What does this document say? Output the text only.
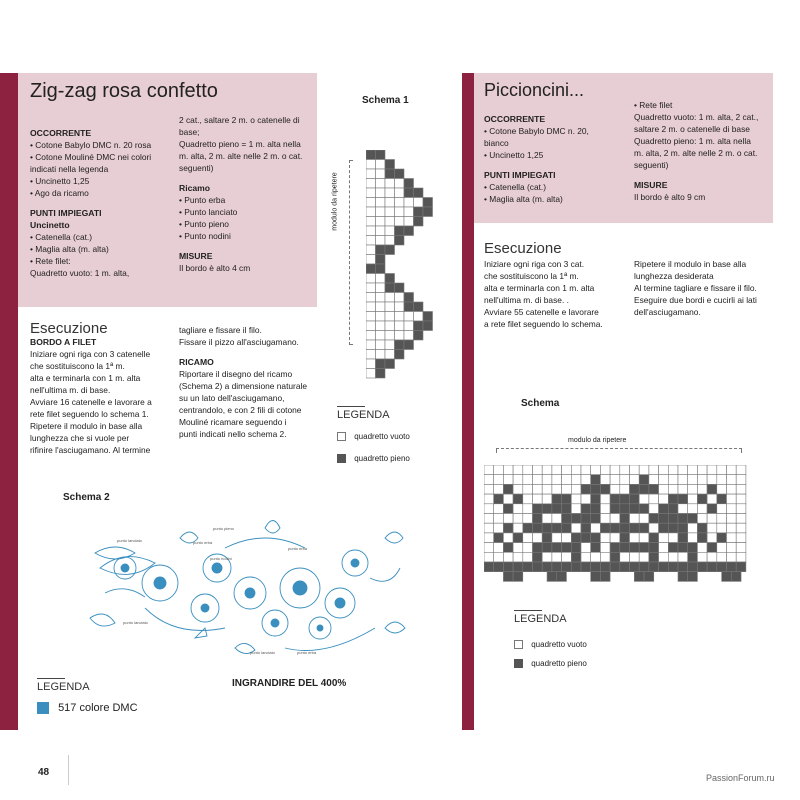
Zig-zag rosa confetto
OCCORRENTE
• Cotone Babylo DMC n. 20 rosa
• Cotone Mouliné DMC nei colori
indicati nella legenda
• Uncinetto 1,25
• Ago da ricamo
PUNTI IMPIEGATI
Uncinetto
• Catenella (cat.)
• Maglia alta (m. alta)
• Rete filet:
Quadretto vuoto: 1 m. alta,
2 cat., saltare 2 m. o catenelle di
base;
Quadretto pieno = 1 m. alta nella
m. alta, 2 m. alte nelle 2 m. o cat.
seguenti)
Ricamo
• Punto erba
• Punto lanciato
• Punto pieno
• Punto nodini
MISURE
Il bordo è alto 4 cm
Esecuzione
BORDO A FILET
Iniziare ogni riga con 3 catenelle
che sostituiscono la 1ª m.
alta e terminarla con 1 m. alta
nell'ultima m. di base.
Avviare 16 catenelle e lavorare a
rete filet seguendo lo schema 1.
Ripetere il modulo in base alla
lunghezza che si vuole per
rifinire l'asciugamano. Al termine
tagliare e fissare il filo.
Fissare il pizzo all'asciugamano.
RICAMO
Riportare il disegno del ricamo
(Schema 2) a dimensione naturale
su un lato dell'asciugamano,
centrandolo, e con 2 fili di cotone
Mouliné ricamare seguendo i
punti indicati nello schema 2.
Schema 1
modulo da ripetere
LEGENDA
quadretto vuoto
quadretto pieno
Schema 2
punto lanciato
punto pieno
punto erba
punto nodini
punto erba
punto lanciato
punto lanciato	punto erba
LEGENDA
517 colore DMC
INGRANDIRE DEL 400%
48
Piccioncini...
OCCORRENTE
• Cotone Babylo DMC n. 20,
bianco
• Uncinetto 1,25
PUNTI IMPIEGATI
• Catenella (cat.)
• Maglia alta (m. alta)
• Rete filet
Quadretto vuoto: 1 m. alta, 2 cat.,
saltare 2 m. o catenelle di base
Quadretto pieno: 1 m. alta nella
m. alta, 2 m. alte nelle 2 m. o cat.
seguenti)
MISURE
Il bordo è alto 9 cm
Esecuzione
Iniziare ogni riga con 3 cat.
che sostituiscono la 1ª m.
alta e terminarla con 1 m. alta
nell'ultima m. di base. .
Avviare 55 catenelle e lavorare
a rete filet seguendo lo schema.
Ripetere il modulo in base alla
lunghezza desiderata
Al termine tagliare e fissare il filo.
Eseguire due bordi e cucirli ai lati
dell'asciugamano.
Schema
modulo da ripetere
LEGENDA
quadretto vuoto
quadretto pieno
PassionForum.ru
